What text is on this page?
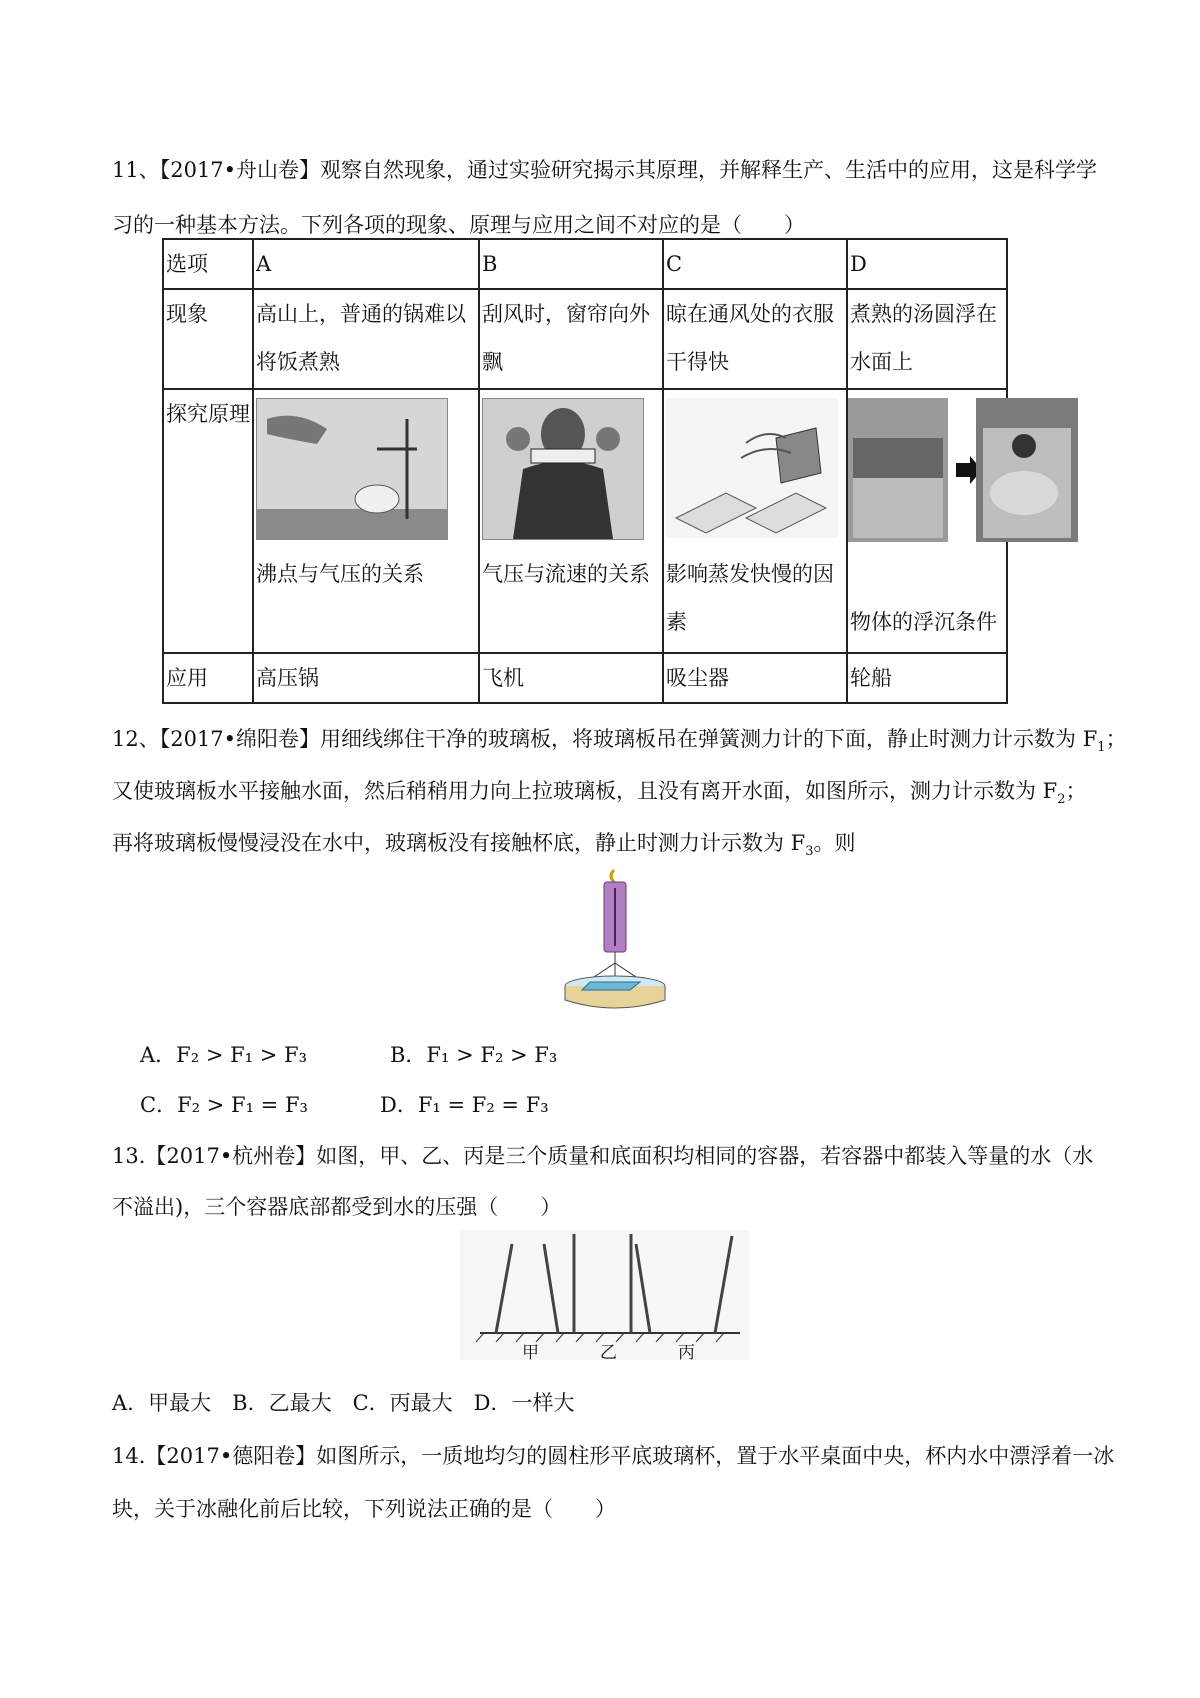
11、【2017•舟山卷】观察自然现象，通过实验研究揭示其原理，并解释生产、生活中的应用，这是科学学
习的一种基本方法。下列各项的现象、原理与应用之间不对应的是（　　）
选项	A	B	C	D
现象	高山上，普通的锅难以将饭煮熟	刮风时，窗帘向外飘	晾在通风处的衣服干得快	煮熟的汤圆浮在水面上
探究原理	沸点与气压的关系	气压与流速的关系	影响蒸发快慢的因素	物体的浮沉条件

应用	高压锅	飞机	吸尘器	轮船
12、【2017•绵阳卷】用细线绑住干净的玻璃板，将玻璃板吊在弹簧测力计的下面，静止时测力计示数为 $F_1$；
又使玻璃板水平接触水面，然后稍稍用力向上拉玻璃板，且没有离开水面，如图所示，测力计示数为 $F_2$；
再将玻璃板慢慢浸没在水中，玻璃板没有接触杯底，静止时测力计示数为 $F_3$。则
A．F₂ > F₁ > F₃	B．F₁ > F₂ > F₃
C．F₂ > F₁ = F₃	D．F₁ = F₂ = F₃
13.【2017•杭州卷】如图，甲、乙、丙是三个质量和底面积均相同的容器，若容器中都装入等量的水（水
不溢出)，三个容器底部都受到水的压强（　　）
甲	乙	丙
A．甲最大　B．乙最大　C．丙最大　D．一样大
14.【2017•德阳卷】如图所示，一质地均匀的圆柱形平底玻璃杯，置于水平桌面中央，杯内水中漂浮着一冰
块，关于冰融化前后比较，下列说法正确的是（　　）
